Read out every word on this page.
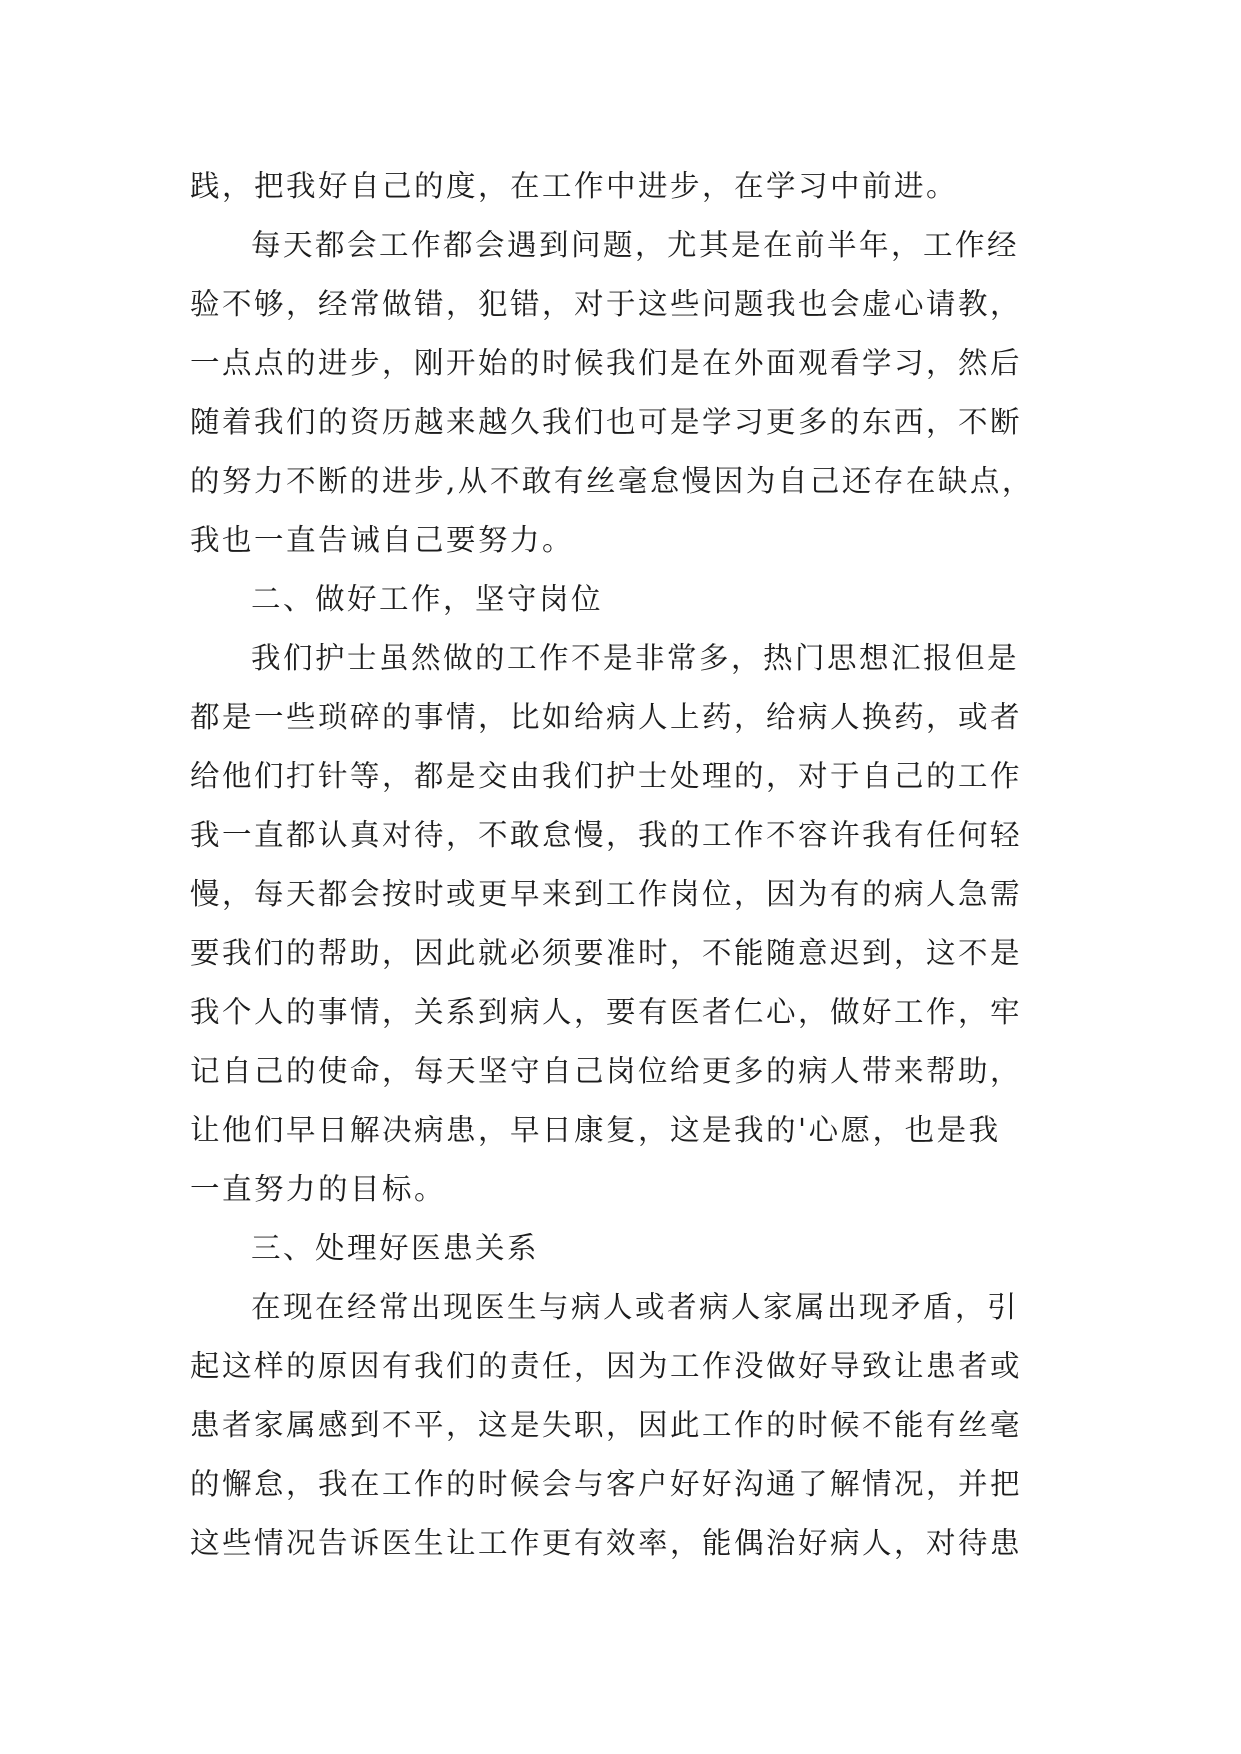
践，把我好自己的度，在工作中进步，在学习中前进。
每天都会工作都会遇到问题，尤其是在前半年，工作经
验不够，经常做错，犯错，对于这些问题我也会虚心请教，
一点点的进步，刚开始的时候我们是在外面观看学习，然后
随着我们的资历越来越久我们也可是学习更多的东西，不断
的努力不断的进步,从不敢有丝毫怠慢因为自己还存在缺点，
我也一直告诫自己要努力。
二、做好工作，坚守岗位
我们护士虽然做的工作不是非常多，热门思想汇报但是
都是一些琐碎的事情，比如给病人上药，给病人换药，或者
给他们打针等，都是交由我们护士处理的，对于自己的工作
我一直都认真对待，不敢怠慢，我的工作不容许我有任何轻
慢，每天都会按时或更早来到工作岗位，因为有的病人急需
要我们的帮助，因此就必须要准时，不能随意迟到，这不是
我个人的事情，关系到病人，要有医者仁心，做好工作，牢
记自己的使命，每天坚守自己岗位给更多的病人带来帮助，
让他们早日解决病患，早日康复，这是我的'心愿，也是我
一直努力的目标。
三、处理好医患关系
在现在经常出现医生与病人或者病人家属出现矛盾，引
起这样的原因有我们的责任，因为工作没做好导致让患者或
患者家属感到不平，这是失职，因此工作的时候不能有丝毫
的懈怠，我在工作的时候会与客户好好沟通了解情况，并把
这些情况告诉医生让工作更有效率，能偶治好病人，对待患
